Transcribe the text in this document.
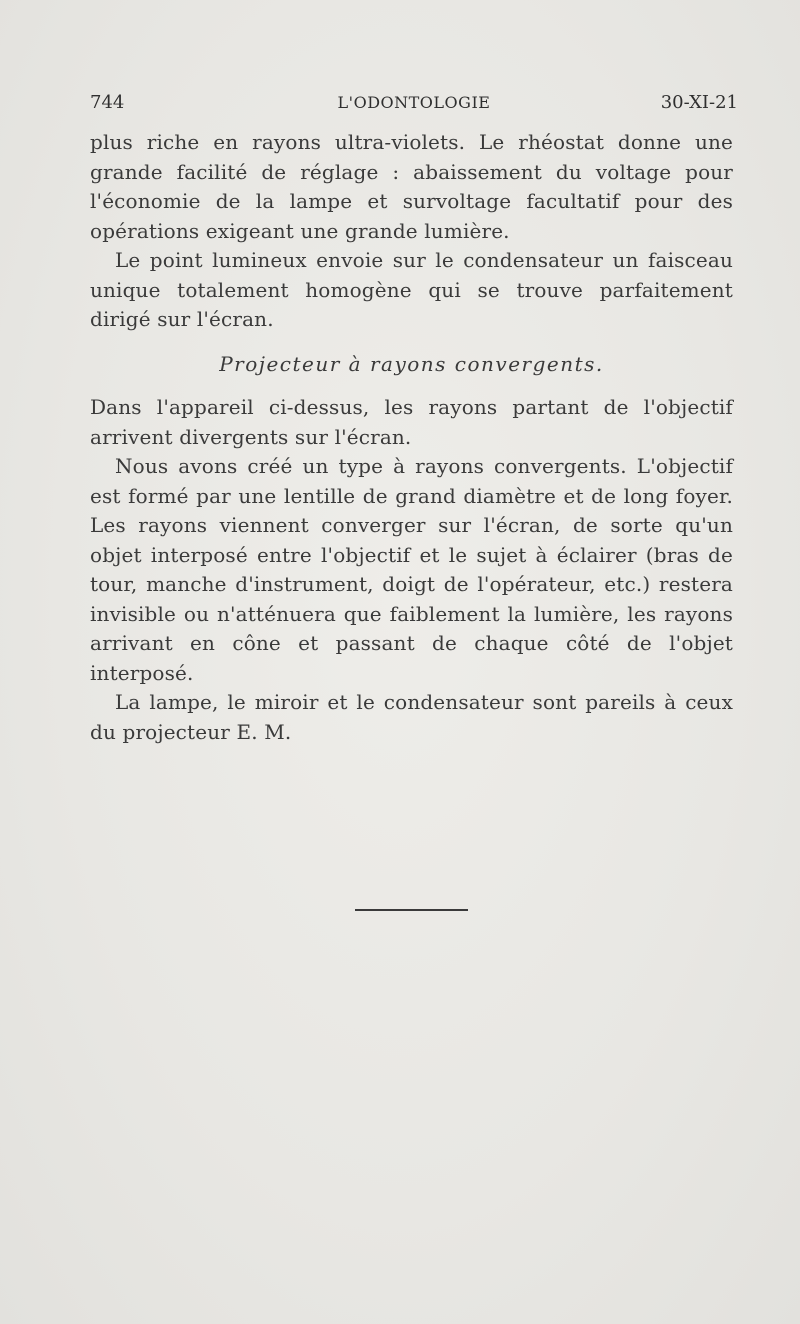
744	L'ODONTOLOGIE	30-XI-21

plus riche en rayons ultra-violets. Le rhéostat donne une grande facilité de réglage : abaissement du voltage pour l'économie de la lampe et survoltage facultatif pour des opérations exigeant une grande lumière.

Le point lumineux envoie sur le condensateur un faisceau unique totalement homogène qui se trouve parfaitement dirigé sur l'écran.

Projecteur à rayons convergents.

Dans l'appareil ci-dessus, les rayons partant de l'objectif arrivent divergents sur l'écran.

Nous avons créé un type à rayons convergents. L'objectif est formé par une lentille de grand diamètre et de long foyer. Les rayons viennent converger sur l'écran, de sorte qu'un objet interposé entre l'objectif et le sujet à éclairer (bras de tour, manche d'instrument, doigt de l'opérateur, etc.) restera invisible ou n'atténuera que faiblement la lumière, les rayons arrivant en cône et passant de chaque côté de l'objet interposé.

La lampe, le miroir et le condensateur sont pareils à ceux du projecteur E. M.
